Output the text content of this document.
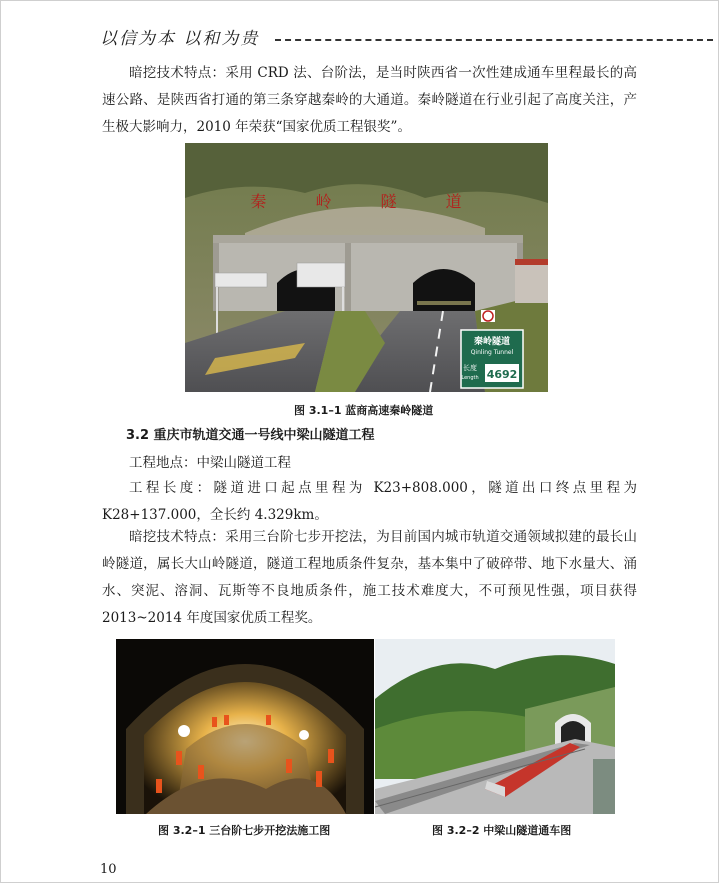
以信为本 以和为贵

暗挖技术特点：采用 CRD 法、台阶法，是当时陕西省一次性建成通车里程最长的高速公路、是陕西省打通的第三条穿越秦岭的大通道。秦岭隧道在行业引起了高度关注，产生极大影响力，2010 年荣获“国家优质工程银奖”。

秦 岭 隧 道
秦岭隧道
Qinling Tunnel
长度
Length 4692
图 3.1–1 蓝商高速秦岭隧道
3.2 重庆市轨道交通一号线中梁山隧道工程

工程地点：中梁山隧道工程

工程长度：隧道进口起点里程为 K23+808.000，隧道出口终点里程为 K28+137.000，全长约 4.329km。

暗挖技术特点：采用三台阶七步开挖法，为目前国内城市轨道交通领域拟建的最长山岭隧道，属长大山岭隧道，隧道工程地质条件复杂，基本集中了破碎带、地下水量大、涌水、突泥、溶洞、瓦斯等不良地质条件，施工技术难度大，不可预见性强，项目获得 2013~2014 年度国家优质工程奖。

图 3.2–1 三台阶七步开挖法施工图	图 3.2–2 中梁山隧道通车图
10
